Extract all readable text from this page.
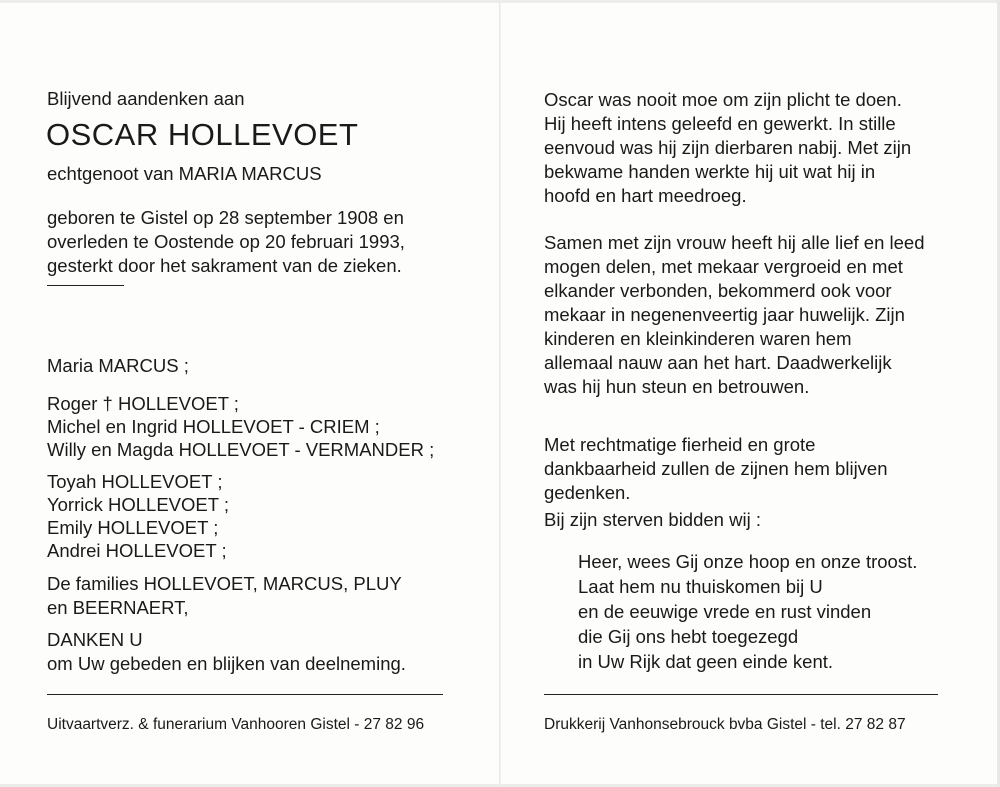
Blijvend aandenken aan
OSCAR HOLLEVOET
echtgenoot van MARIA MARCUS
geboren te Gistel op 28 september 1908 en
overleden te Oostende op 20 februari 1993,
gesterkt door het sakrament van de zieken.
Maria MARCUS ;
Roger † HOLLEVOET ;
Michel en Ingrid HOLLEVOET - CRIEM ;
Willy en Magda HOLLEVOET - VERMANDER ;
Toyah HOLLEVOET ;
Yorrick HOLLEVOET ;
Emily HOLLEVOET ;
Andrei HOLLEVOET ;
De families HOLLEVOET, MARCUS, PLUY
en BEERNAERT,
DANKEN U
om Uw gebeden en blijken van deelneming.
Uitvaartverz. & funerarium Vanhooren Gistel - 27 82 96
Oscar was nooit moe om zijn plicht te doen.
Hij heeft intens geleefd en gewerkt. In stille
eenvoud was hij zijn dierbaren nabij. Met zijn
bekwame handen werkte hij uit wat hij in
hoofd en hart meedroeg.
Samen met zijn vrouw heeft hij alle lief en leed
mogen delen, met mekaar vergroeid en met
elkander verbonden, bekommerd ook voor
mekaar in negenenveertig jaar huwelijk. Zijn
kinderen en kleinkinderen waren hem
allemaal nauw aan het hart. Daadwerkelijk
was hij hun steun en betrouwen.
Met rechtmatige fierheid en grote
dankbaarheid zullen de zijnen hem blijven
gedenken.
Bij zijn sterven bidden wij :
Heer, wees Gij onze hoop en onze troost.
Laat hem nu thuiskomen bij U
en de eeuwige vrede en rust vinden
die Gij ons hebt toegezegd
in Uw Rijk dat geen einde kent.
Drukkerij Vanhonsebrouck bvba Gistel - tel. 27 82 87
